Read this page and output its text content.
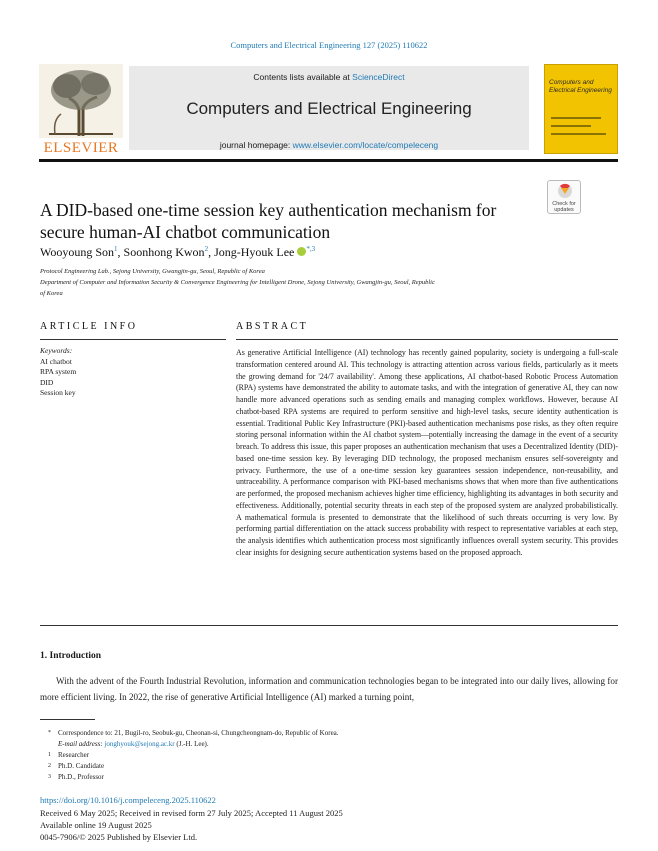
Computers and Electrical Engineering 127 (2025) 110622
ELSEVIER
Contents lists available at ScienceDirect
Computers and Electrical Engineering
journal homepage: www.elsevier.com/locate/compeleceng
Computers and Electrical Engineering
Check for updates
A DID-based one-time session key authentication mechanism for secure human-AI chatbot communication
Wooyoung Son$^1$, Soonhong Kwon$^2$, Jong-Hyouk Lee $^{*,3}$
Protocol Engineering Lab., Sejong University, Gwangjin-gu, Seoul, Republic of Korea
Department of Computer and Information Security & Convergence Engineering for Intelligent Drone, Sejong University, Gwangjin-gu, Seoul, Republic of Korea
ARTICLE INFO	ABSTRACT
Keywords:
AI chatbot
RPA system
DID
Session key
As generative Artificial Intelligence (AI) technology has recently gained popularity, society is undergoing a full-scale transformation centered around AI. This technology is attracting attention across various fields, particularly as it meets the growing demand for '24/7 availability'. Among these applications, AI chatbot-based Robotic Process Automation (RPA) systems have demonstrated the ability to automate tasks, and with the integration of generative AI, they can now handle more advanced operations such as sending emails and managing complex workflows. However, because AI chatbot-based RPA systems are required to perform sensitive and high-level tasks, secure identity authentication is essential. Traditional Public Key Infrastructure (PKI)-based authentication mechanisms pose risks, as they often require storing personal information within the AI chatbot system—potentially increasing the damage in the event of a security breach. To address this issue, this paper proposes an authentication mechanism that uses a Decentralized Identity (DID)-based one-time session key. By leveraging DID technology, the proposed mechanism ensures self-sovereignty and privacy. Furthermore, the use of a one-time session key guarantees session independence, non-reusability, and untraceability. A performance comparison with PKI-based mechanisms shows that when more than five authentications are performed, the proposed mechanism achieves higher time efficiency, highlighting its advantages in both security and effectiveness. Additionally, potential security threats in each step of the proposed system are analyzed probabilistically. A mathematical formula is presented to demonstrate that the likelihood of such threats occurring is very low. By performing partial differentiation on the attack success probability with respect to representative variables at each step, the analysis identifies which authentication process most significantly influences overall system security. This provides clear insights for designing secure authentication systems based on the proposed approach.
1. Introduction
With the advent of the Fourth Industrial Revolution, information and communication technologies began to be integrated into our daily lives, allowing for more efficient living. In 2022, the rise of generative Artificial Intelligence (AI) marked a turning point,
* Correspondence to: 21, Bugil-ro, Seobuk-gu, Cheonan-si, Chungcheongnam-do, Republic of Korea.
E-mail address: jonghyouk@sejong.ac.kr (J.-H. Lee).
1 Researcher
2 Ph.D. Candidate
3 Ph.D., Professor
https://doi.org/10.1016/j.compeleceng.2025.110622
Received 6 May 2025; Received in revised form 27 July 2025; Accepted 11 August 2025
Available online 19 August 2025
0045-7906/© 2025 Published by Elsevier Ltd.
